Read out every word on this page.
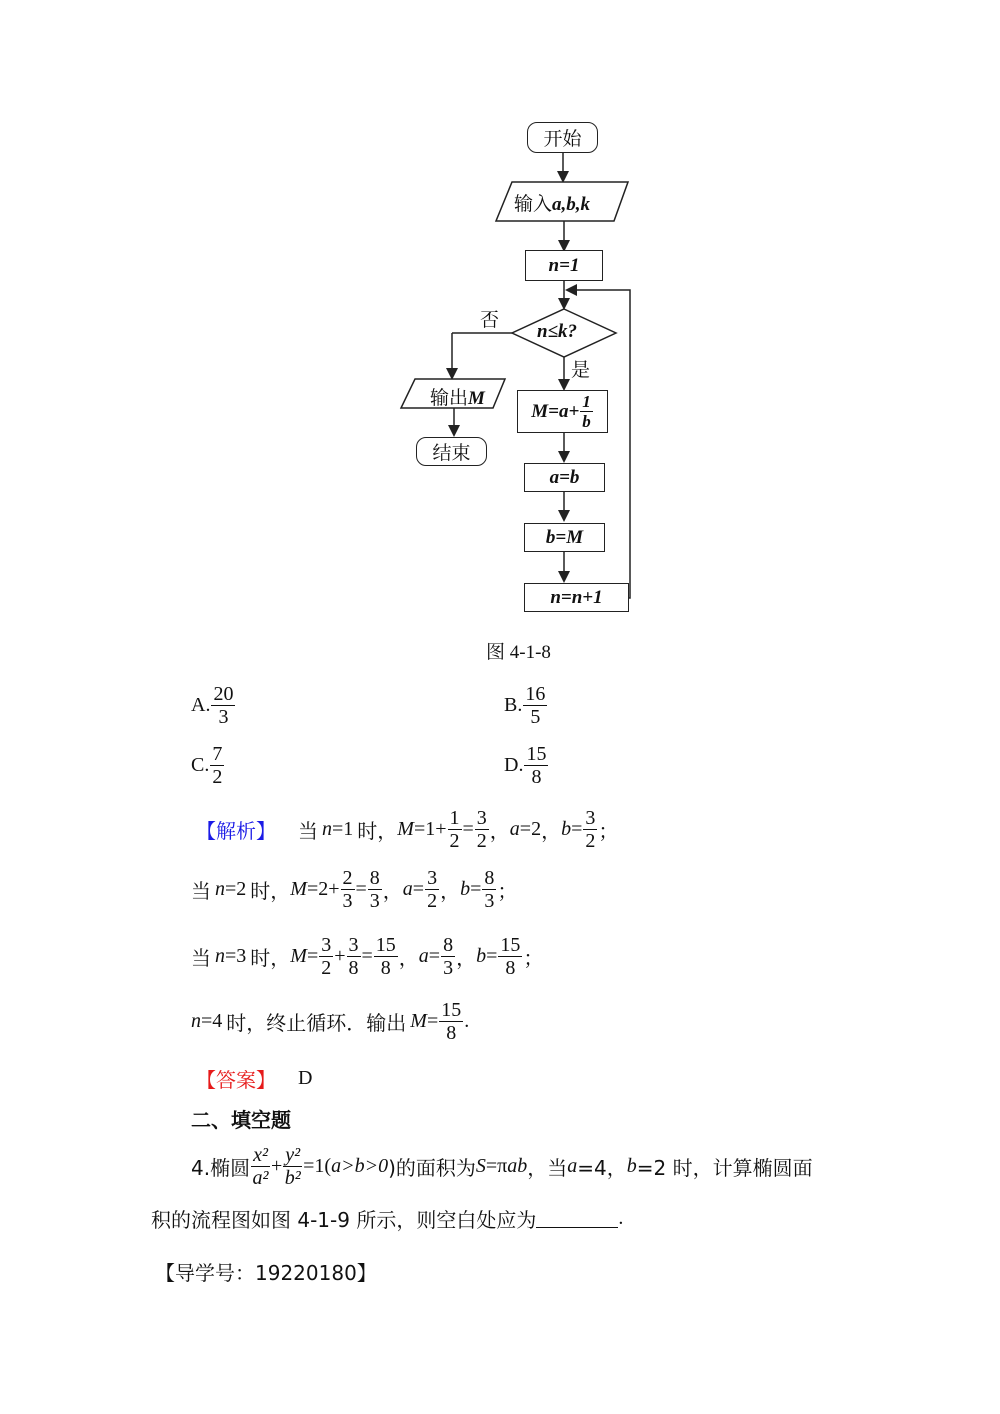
开始
输入a,b,k
n=1
n≤k?
否
是
输出M
结束
$M=a+ \frac{1}{b}$
a=b
b=M
n=n+1
图 4-1-8
A. $\frac{20}{3}$	B. $\frac{16}{5}$
C. $\frac{7}{2}$	D. $\frac{15}{8}$
【解析】 当 n =1 时， $M =1+ \frac{1}{2} = \frac{3}{2}$ ， a =2 ， $b = \frac{3}{2}$ ；
当 n =2 时， $M =2+ \frac{2}{3} = \frac{8}{3}$ ， $a = \frac{3}{2}$ ， $b = \frac{8}{3}$ ；
当 n =3 时， $M = \frac{3}{2} + \frac{3}{8} = \frac{15}{8}$ ， $a = \frac{8}{3}$ ， $b = \frac{15}{8}$ ；
n =4 时，终止循环．输出 $M = \frac{15}{8}$ .
【答案】 D
二、填空题
4.椭圆 $\frac{\text{x²}}{\text{a²}} + \frac{\text{y²}}{\text{b²}} =1$( a>b>0 )的面积为 S =π ab ，当 a =4， b =2 时，计算椭圆面
积的流程图如图 4-1-9 所示，则空白处应为	.
【导学号：19220180】
